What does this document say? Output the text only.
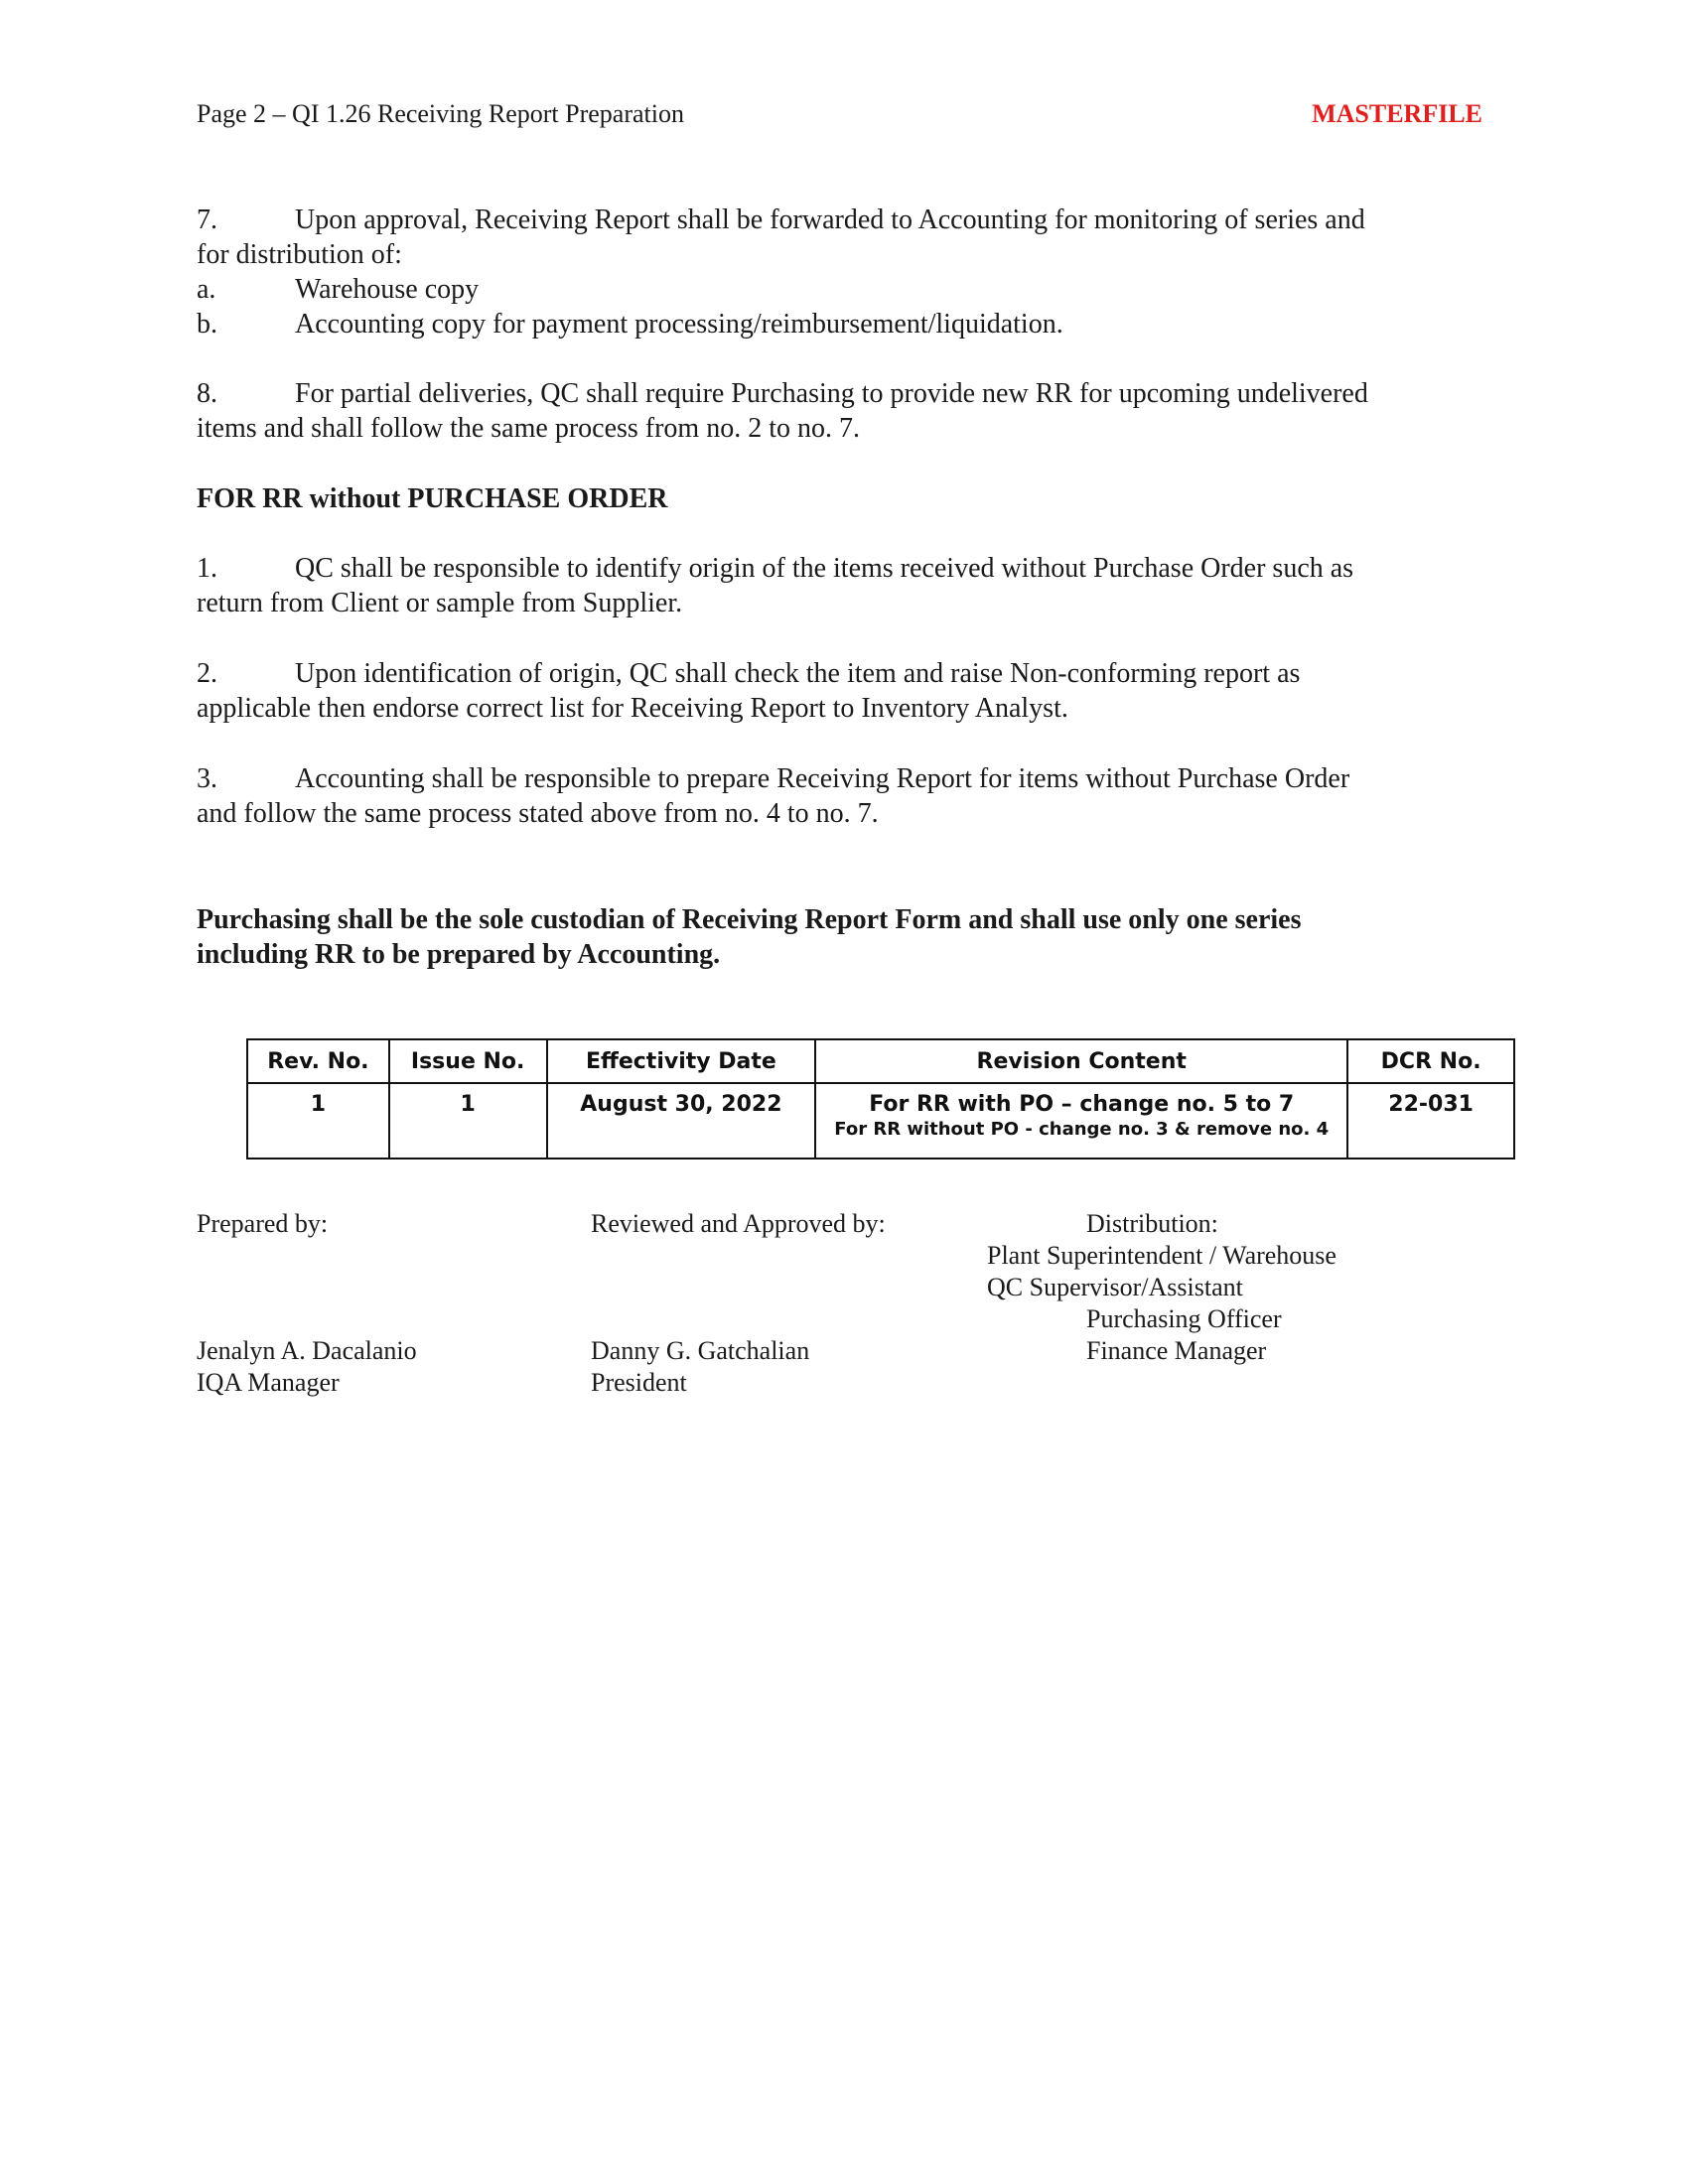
Page 2 – QI 1.26 Receiving Report Preparation	MASTERFILE
7.	Upon approval, Receiving Report shall be forwarded to Accounting for monitoring of series and
for distribution of:
a.	Warehouse copy
b.	Accounting copy for payment processing/reimbursement/liquidation.
8.	For partial deliveries, QC shall require Purchasing to provide new RR for upcoming undelivered
items and shall follow the same process from no. 2 to no. 7.
FOR RR without PURCHASE ORDER
1.	QC shall be responsible to identify origin of the items received without Purchase Order such as
return from Client or sample from Supplier.
2.	Upon identification of origin, QC shall check the item and raise Non-conforming report as
applicable then endorse correct list for Receiving Report to Inventory Analyst.
3.	Accounting shall be responsible to prepare Receiving Report for items without Purchase Order
and follow the same process stated above from no. 4 to no. 7.
Purchasing shall be the sole custodian of Receiving Report Form and shall use only one series
including RR to be prepared by Accounting.
Rev. No.	Issue No.	Effectivity Date	Revision Content	DCR No.
1	1	August 30, 2022	For RR with PO – change no. 5 to 7
For RR without PO - change no. 3 & remove no. 4	22-031
Prepared by:	Reviewed and Approved by:	Distribution:
Plant Superintendent / Warehouse
QC Supervisor/Assistant
Purchasing Officer
Finance Manager
Jenalyn A. Dacalanio
IQA Manager
Danny G. Gatchalian
President
